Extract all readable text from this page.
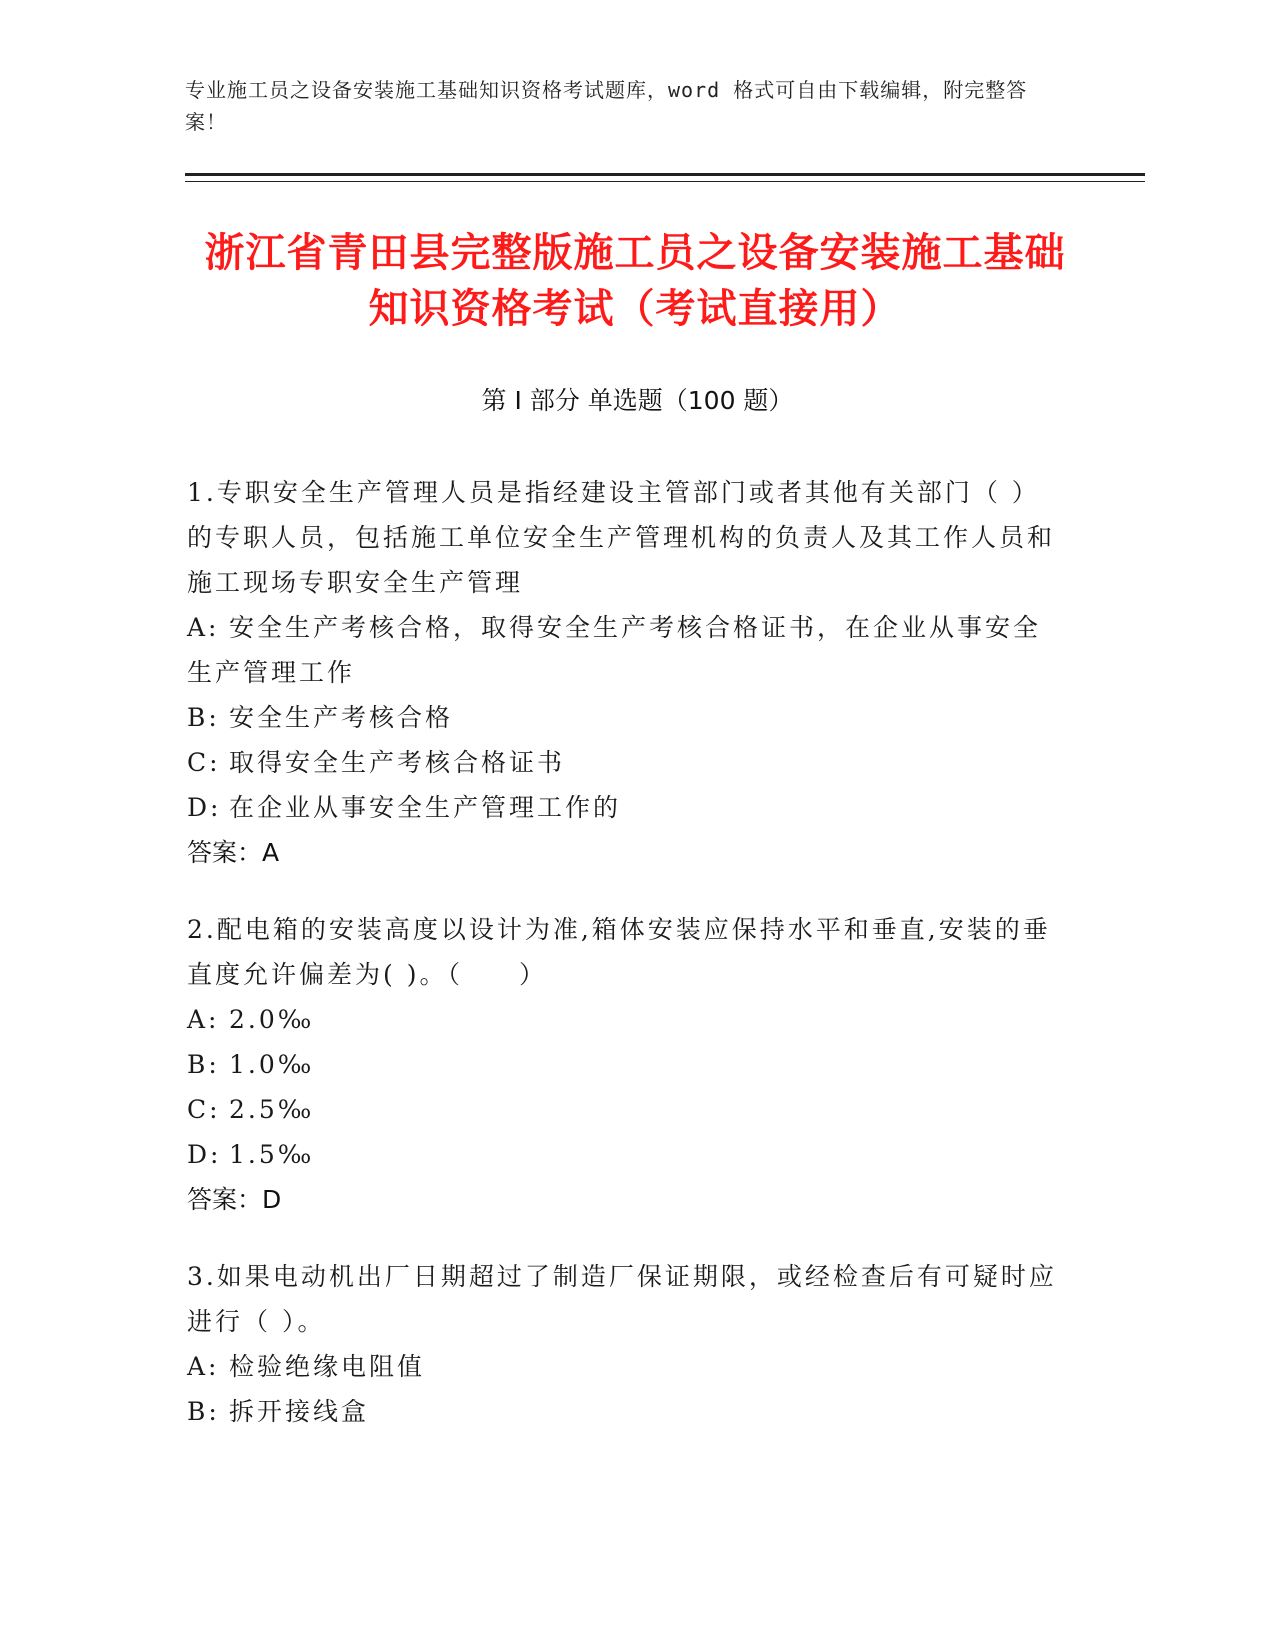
专业施工员之设备安装施工基础知识资格考试题库，word 格式可自由下载编辑，附完整答案！
浙江省青田县完整版施工员之设备安装施工基础知识资格考试（考试直接用）
第 I 部分 单选题（100 题）

1.专职安全生产管理人员是指经建设主管部门或者其他有关部门（ ）的专职人员，包括施工单位安全生产管理机构的负责人及其工作人员和施工现场专职安全生产管理

A: 安全生产考核合格，取得安全生产考核合格证书，在企业从事安全生产管理工作

B: 安全生产考核合格

C: 取得安全生产考核合格证书

D: 在企业从事安全生产管理工作的

答案：A

2.配电箱的安装高度以设计为准,箱体安装应保持水平和垂直,安装的垂直度允许偏差为( )。（　　）

A: 2.0‰

B: 1.0‰

C: 2.5‰

D: 1.5‰

答案：D

3.如果电动机出厂日期超过了制造厂保证期限，或经检查后有可疑时应进行（ ）。

A: 检验绝缘电阻值

B: 拆开接线盒
